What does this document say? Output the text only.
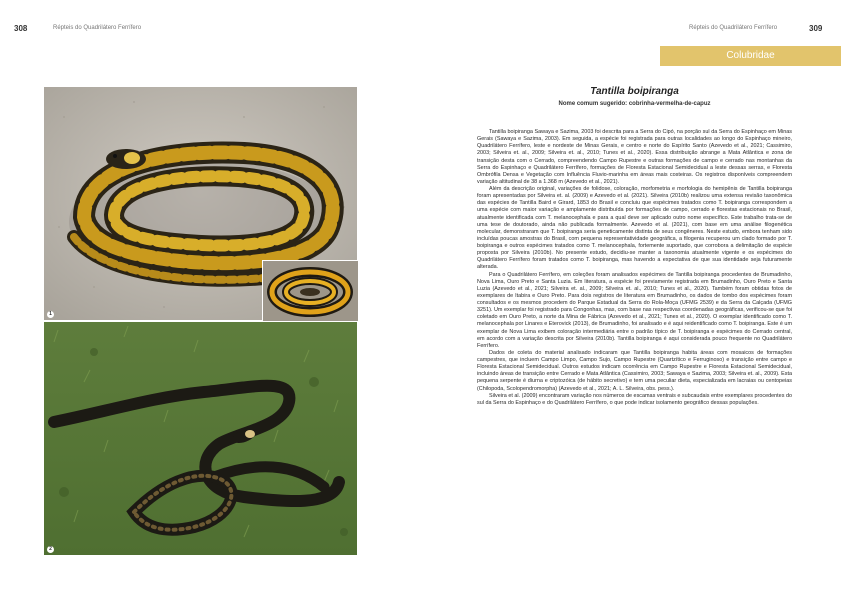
308	Répteis do Quadrilátero Ferrífero
1
2
Répteis do Quadrilátero Ferrífero	309
Colubridae
Tantilla boipiranga
Nome comum sugerido: cobrinha-vermelha-de-capuz

Tantilla boipiranga Sawaya e Sazima, 2003 foi descrita para a Serra do Cipó, na porção sul da Serra do Espinhaço em Minas Gerais (Sawaya e Sazima, 2003). Em seguida, a espécie foi registrada para outras localidades ao longo do Espinhaço mineiro, Quadrilátero Ferrífero, leste e nordeste de Minas Gerais, e centro e norte do Espírito Santo (Azevedo et al., 2021; Cassimiro, 2003; Silveira et. al., 2009; Silveira et. al., 2010; Tunes et al., 2020). Essa distribuição abrange a Mata Atlântica e zona de transição desta com o Cerrado, compreendendo Campo Rupestre e outras formações de campo e cerrado nas montanhas da Serra do Espinhaço e Quadrilátero Ferrífero, formações de Floresta Estacional Semidecidual a leste dessas serras, e Floresta Ombrófila Densa e Vegetação com Influência Fluvio-marinha em áreas mais costeiras. Os registros disponíveis compreendem variação altitudinal de 38 a 1.368 m (Azevedo et al., 2021).

Além da descrição original, variações de folidose, coloração, morfometria e morfologia do hemipênis de Tantilla boipiranga foram apresentadas por Silveira et. al. (2009) e Azevedo et al. (2021). Silveira (2010b) realizou uma extensa revisão taxonômica das espécies de Tantilla Baird e Girard, 1853 do Brasil e concluiu que espécimes tratados como T. boipiranga correspondem a uma espécie com maior variação e amplamente distribuída por formações de campo, cerrado e florestas estacionais no Brasil, atualmente identificada com T. melanocephala e para a qual deve ser aplicado outro nome específico. Este trabalho trata-se de uma tese de doutorado, ainda não publicada formalmente. Azevedo et al. (2021), com base em uma análise filogenética molecular, demonstraram que T. boipiranga seria geneticamente distinta de seus congêneres. Neste estudo, embora tenham sido incluídas poucas amostras do Brasil, com pequena representatividade geográfica, a filogenia recuperou um clado formado por T. boipiranga e outros espécimes tratados como T. melanocephala, fortemente suportado, que corrobora a delimitação de espécie proposta por Silveira (2010b). No presente estudo, decidiu-se manter a taxonomia atualmente vigente e os espécimes do Quadrilátero Ferrífero foram tratados como T. boipiranga, mas havendo a expectativa de que sua identidade seja futuramente alterada.

Para o Quadrilátero Ferrífero, em coleções foram analisados espécimes de Tantilla boipiranga procedentes de Brumadinho, Nova Lima, Ouro Preto e Santa Luzia. Em literatura, a espécie foi previamente registrada em Brumadinho, Ouro Preto e Santa Luzia (Azevedo et al., 2021; Silveira et. al., 2009; Silveira et. al., 2010; Tunes et al., 2020). Também foram obtidas fotos de exemplares de Itabira e Ouro Preto. Para dois registros de literatura em Brumadinho, os dados de tombo dos espécimes foram consultados e os mesmos procedem do Parque Estadual da Serra do Rola-Moça (UFMG 2539) e da Serra da Calçada (UFMG 3251). Um exemplar foi registrado para Congonhas, mas, com base nas respectivas coordenadas geográficas, verificou-se que foi coletado em Ouro Preto, a norte da Mina de Fábrica (Azevedo et al., 2021; Tunes et al., 2020). O exemplar identificado como T. melanocephala por Linares e Eterovick (2013), de Brumadinho, foi analisado e é aqui reidentificado como T. boipiranga. Este é um exemplar de Nova Lima exibem coloração intermediária entre o padrão típico de T. boipiranga e espécimes do Cerrado central, em acordo com a variação descrita por Silveira (2010b). Tantilla boipiranga é aqui considerada pouco frequente no Quadrilátero Ferrífero.

Dados de coleta do material analisado indicaram que Tantilla boipiranga habita áreas com mosaicos de formações campestres, que incluem Campo Limpo, Campo Sujo, Campo Rupestre (Quartzítico e Ferruginoso) e transição entre campo e Floresta Estacional Semidecidual. Outros estudos indicam ocorrência em Campo Rupestre e Floresta Estacional Semidecidual, incluindo áreas de transição entre Cerrado e Mata Atlântica (Cassimiro, 2003; Sawaya e Sazima, 2003; Silveira et. al., 2009). Esta pequena serpente é diurna e criptozóica (de hábito secretivo) e tem uma peculiar dieta, especializada em lacraias ou centopeias (Chilopoda, Scolopendromorpha) (Azevedo et al., 2021; A. L. Silveira, obs. pess.).

Silveira et al. (2009) encontraram variação nos números de escamas ventrais e subcaudais entre exemplares procedentes do sul da Serra do Espinhaço e do Quadrilátero Ferrífero, o que pode indicar isolamento geográfico dessas populações.
